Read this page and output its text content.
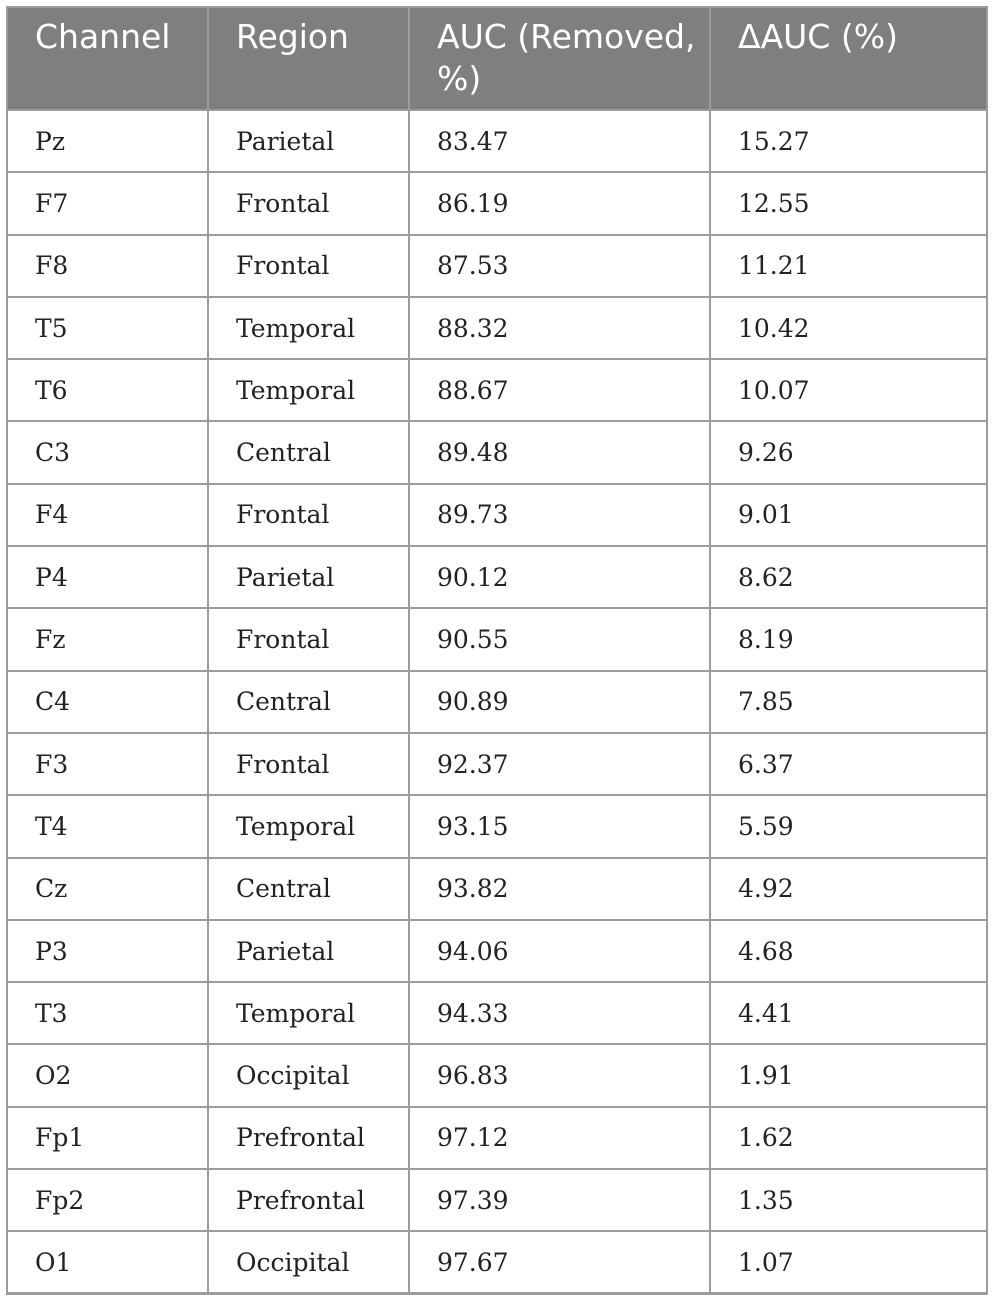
Channel	Region	AUC (Removed, %)	ΔAUC (%)
Pz	Parietal	83.47	15.27
F7	Frontal	86.19	12.55
F8	Frontal	87.53	11.21
T5	Temporal	88.32	10.42
T6	Temporal	88.67	10.07
C3	Central	89.48	9.26
F4	Frontal	89.73	9.01
P4	Parietal	90.12	8.62
Fz	Frontal	90.55	8.19
C4	Central	90.89	7.85
F3	Frontal	92.37	6.37
T4	Temporal	93.15	5.59
Cz	Central	93.82	4.92
P3	Parietal	94.06	4.68
T3	Temporal	94.33	4.41
O2	Occipital	96.83	1.91
Fp1	Prefrontal	97.12	1.62
Fp2	Prefrontal	97.39	1.35
O1	Occipital	97.67	1.07
